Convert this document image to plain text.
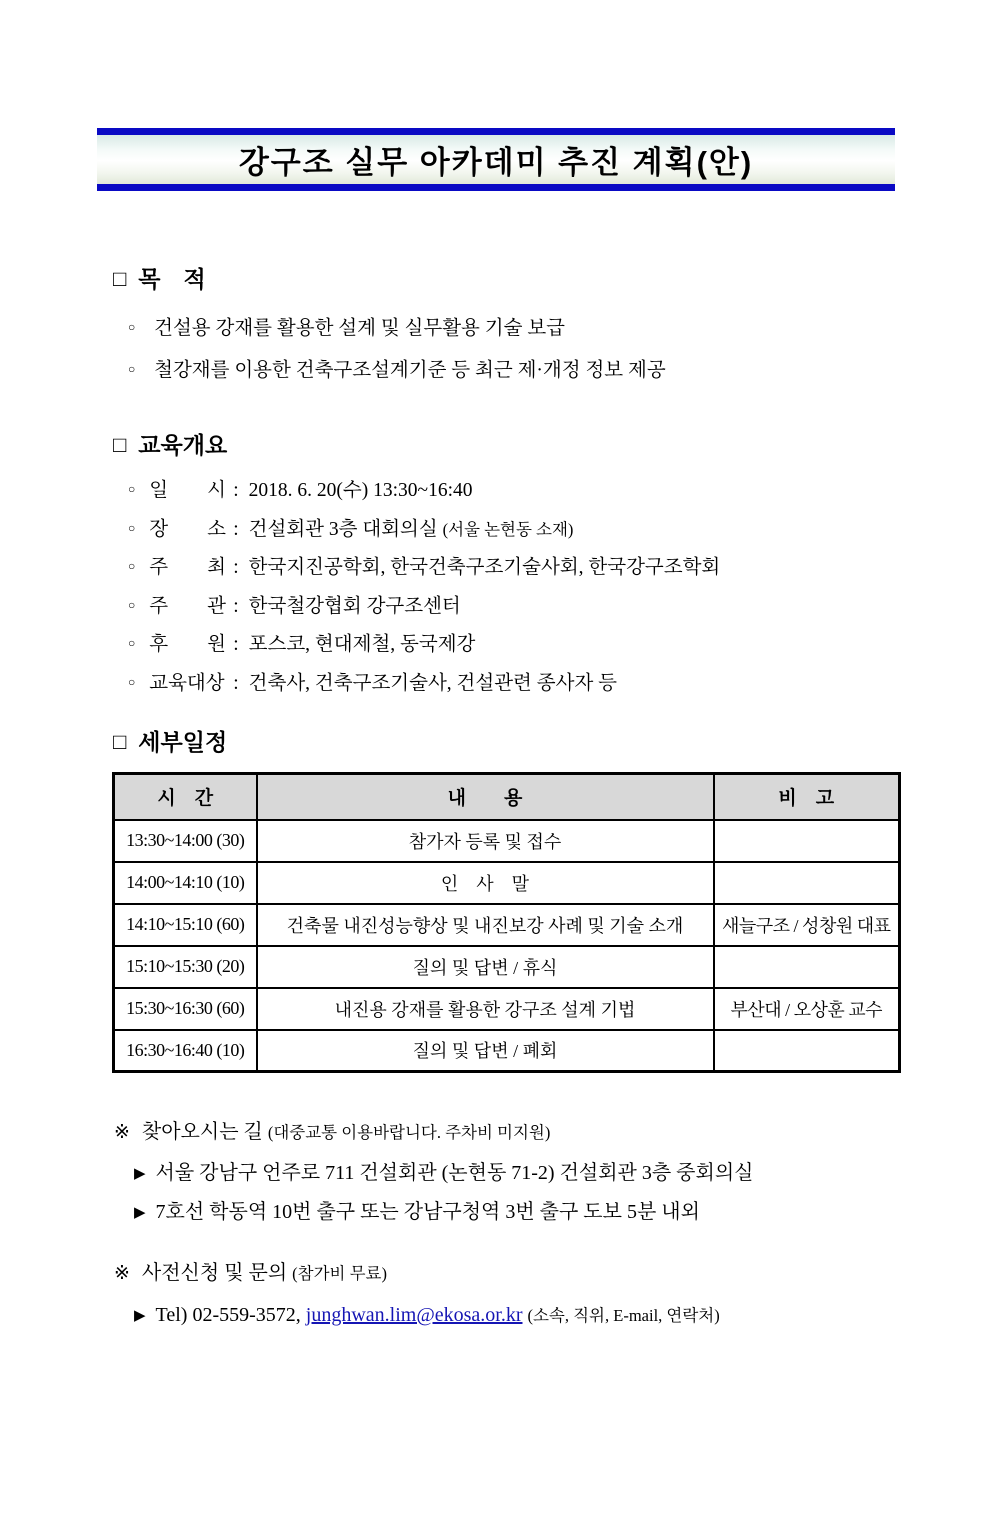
강구조 실무 아카데미 추진 계획(안)
□ 목　적
○ 건설용 강재를 활용한 설계 및 실무활용 기술 보급
○ 철강재를 이용한 건축구조설계기준 등 최근 제·개정 정보 제공
□ 교육개요
○ 일　　시 : 2018. 6. 20(수) 13:30~16:40
○ 장　　소 : 건설회관 3층 대회의실 (서울 논현동 소재)
○ 주　　최 : 한국지진공학회, 한국건축구조기술사회, 한국강구조학회
○ 주　　관 : 한국철강협회 강구조센터
○ 후　　원 : 포스코, 현대제철, 동국제강
○ 교육대상 : 건축사, 건축구조기술사, 건설관련 종사자 등
□ 세부일정
시　간	내　　용	비　고
13:30~14:00 (30)	참가자 등록 및 접수	
14:00~14:10 (10)	인　사　말	
14:10~15:10 (60)	건축물 내진성능향상 및 내진보강 사례 및 기술 소개	새늘구조 / 성창원 대표
15:10~15:30 (20)	질의 및 답변 / 휴식	
15:30~16:30 (60)	내진용 강재를 활용한 강구조 설계 기법	부산대 / 오상훈 교수
16:30~16:40 (10)	질의 및 답변 / 폐회	
※ 찾아오시는 길 (대중교통 이용바랍니다. 주차비 미지원)
▶ 서울 강남구 언주로 711 건설회관 (논현동 71-2) 건설회관 3층 중회의실
▶ 7호선 학동역 10번 출구 또는 강남구청역 3번 출구 도보 5분 내외
※ 사전신청 및 문의 (참가비 무료)
▶ Tel) 02-559-3572, junghwan.lim@ekosa.or.kr (소속, 직위, E-mail, 연락처)
